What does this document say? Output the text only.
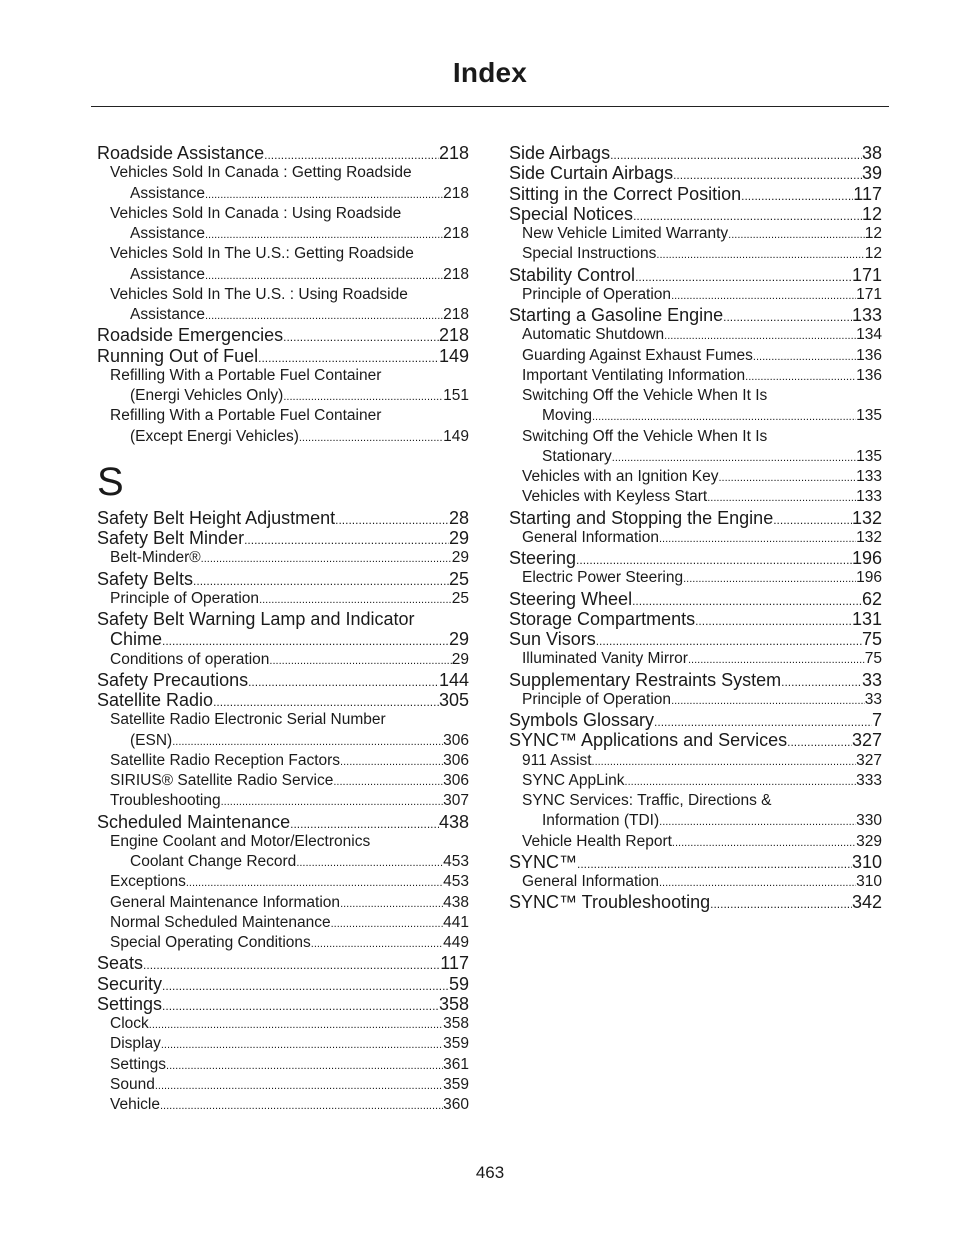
Index
Roadside Assistance .....	218
Vehicles Sold In Canada : Getting Roadside
Assistance .....	218
Vehicles Sold In Canada : Using Roadside
Assistance .....	218
Vehicles Sold In The U.S.: Getting Roadside
Assistance .....	218
Vehicles Sold In The U.S. : Using Roadside
Assistance .....	218
Roadside Emergencies .....	218
Running Out of Fuel .....	149
Refilling With a Portable Fuel Container
(Energi Vehicles Only) .....	151
Refilling With a Portable Fuel Container
(Except Energi Vehicles) .....	149
S
Safety Belt Height Adjustment .....	28
Safety Belt Minder .....	29
Belt-Minder® .....	29
Safety Belts .....	25
Principle of Operation .....	25
Safety Belt Warning Lamp and Indicator
Chime .....	29
Conditions of operation .....	29
Safety Precautions .....	144
Satellite Radio .....	305
Satellite Radio Electronic Serial Number
(ESN) .....	306
Satellite Radio Reception Factors .....	306
SIRIUS® Satellite Radio Service .....	306
Troubleshooting .....	307
Scheduled Maintenance .....	438
Engine Coolant and Motor/Electronics
Coolant Change Record .....	453
Exceptions .....	453
General Maintenance Information .....	438
Normal Scheduled Maintenance .....	441
Special Operating Conditions .....	449
Seats .....	117
Security .....	59
Settings .....	358
Clock .....	358
Display .....	359
Settings .....	361
Sound .....	359
Vehicle .....	360
Side Airbags .....	38
Side Curtain Airbags .....	39
Sitting in the Correct Position .....	117
Special Notices .....	12
New Vehicle Limited Warranty .....	12
Special Instructions .....	12
Stability Control .....	171
Principle of Operation .....	171
Starting a Gasoline Engine .....	133
Automatic Shutdown .....	134
Guarding Against Exhaust Fumes .....	136
Important Ventilating Information .....	136
Switching Off the Vehicle When It Is
Moving .....	135
Switching Off the Vehicle When It Is
Stationary .....	135
Vehicles with an Ignition Key .....	133
Vehicles with Keyless Start .....	133
Starting and Stopping the Engine .....	132
General Information .....	132
Steering .....	196
Electric Power Steering .....	196
Steering Wheel .....	62
Storage Compartments .....	131
Sun Visors .....	75
Illuminated Vanity Mirror .....	75
Supplementary Restraints System .....	33
Principle of Operation .....	33
Symbols Glossary .....	7
SYNC™ Applications and Services .....	327
911 Assist .....	327
SYNC AppLink .....	333
SYNC Services: Traffic, Directions &
Information (TDI) .....	330
Vehicle Health Report .....	329
SYNC™ .....	310
General Information .....	310
SYNC™ Troubleshooting .....	342
463
